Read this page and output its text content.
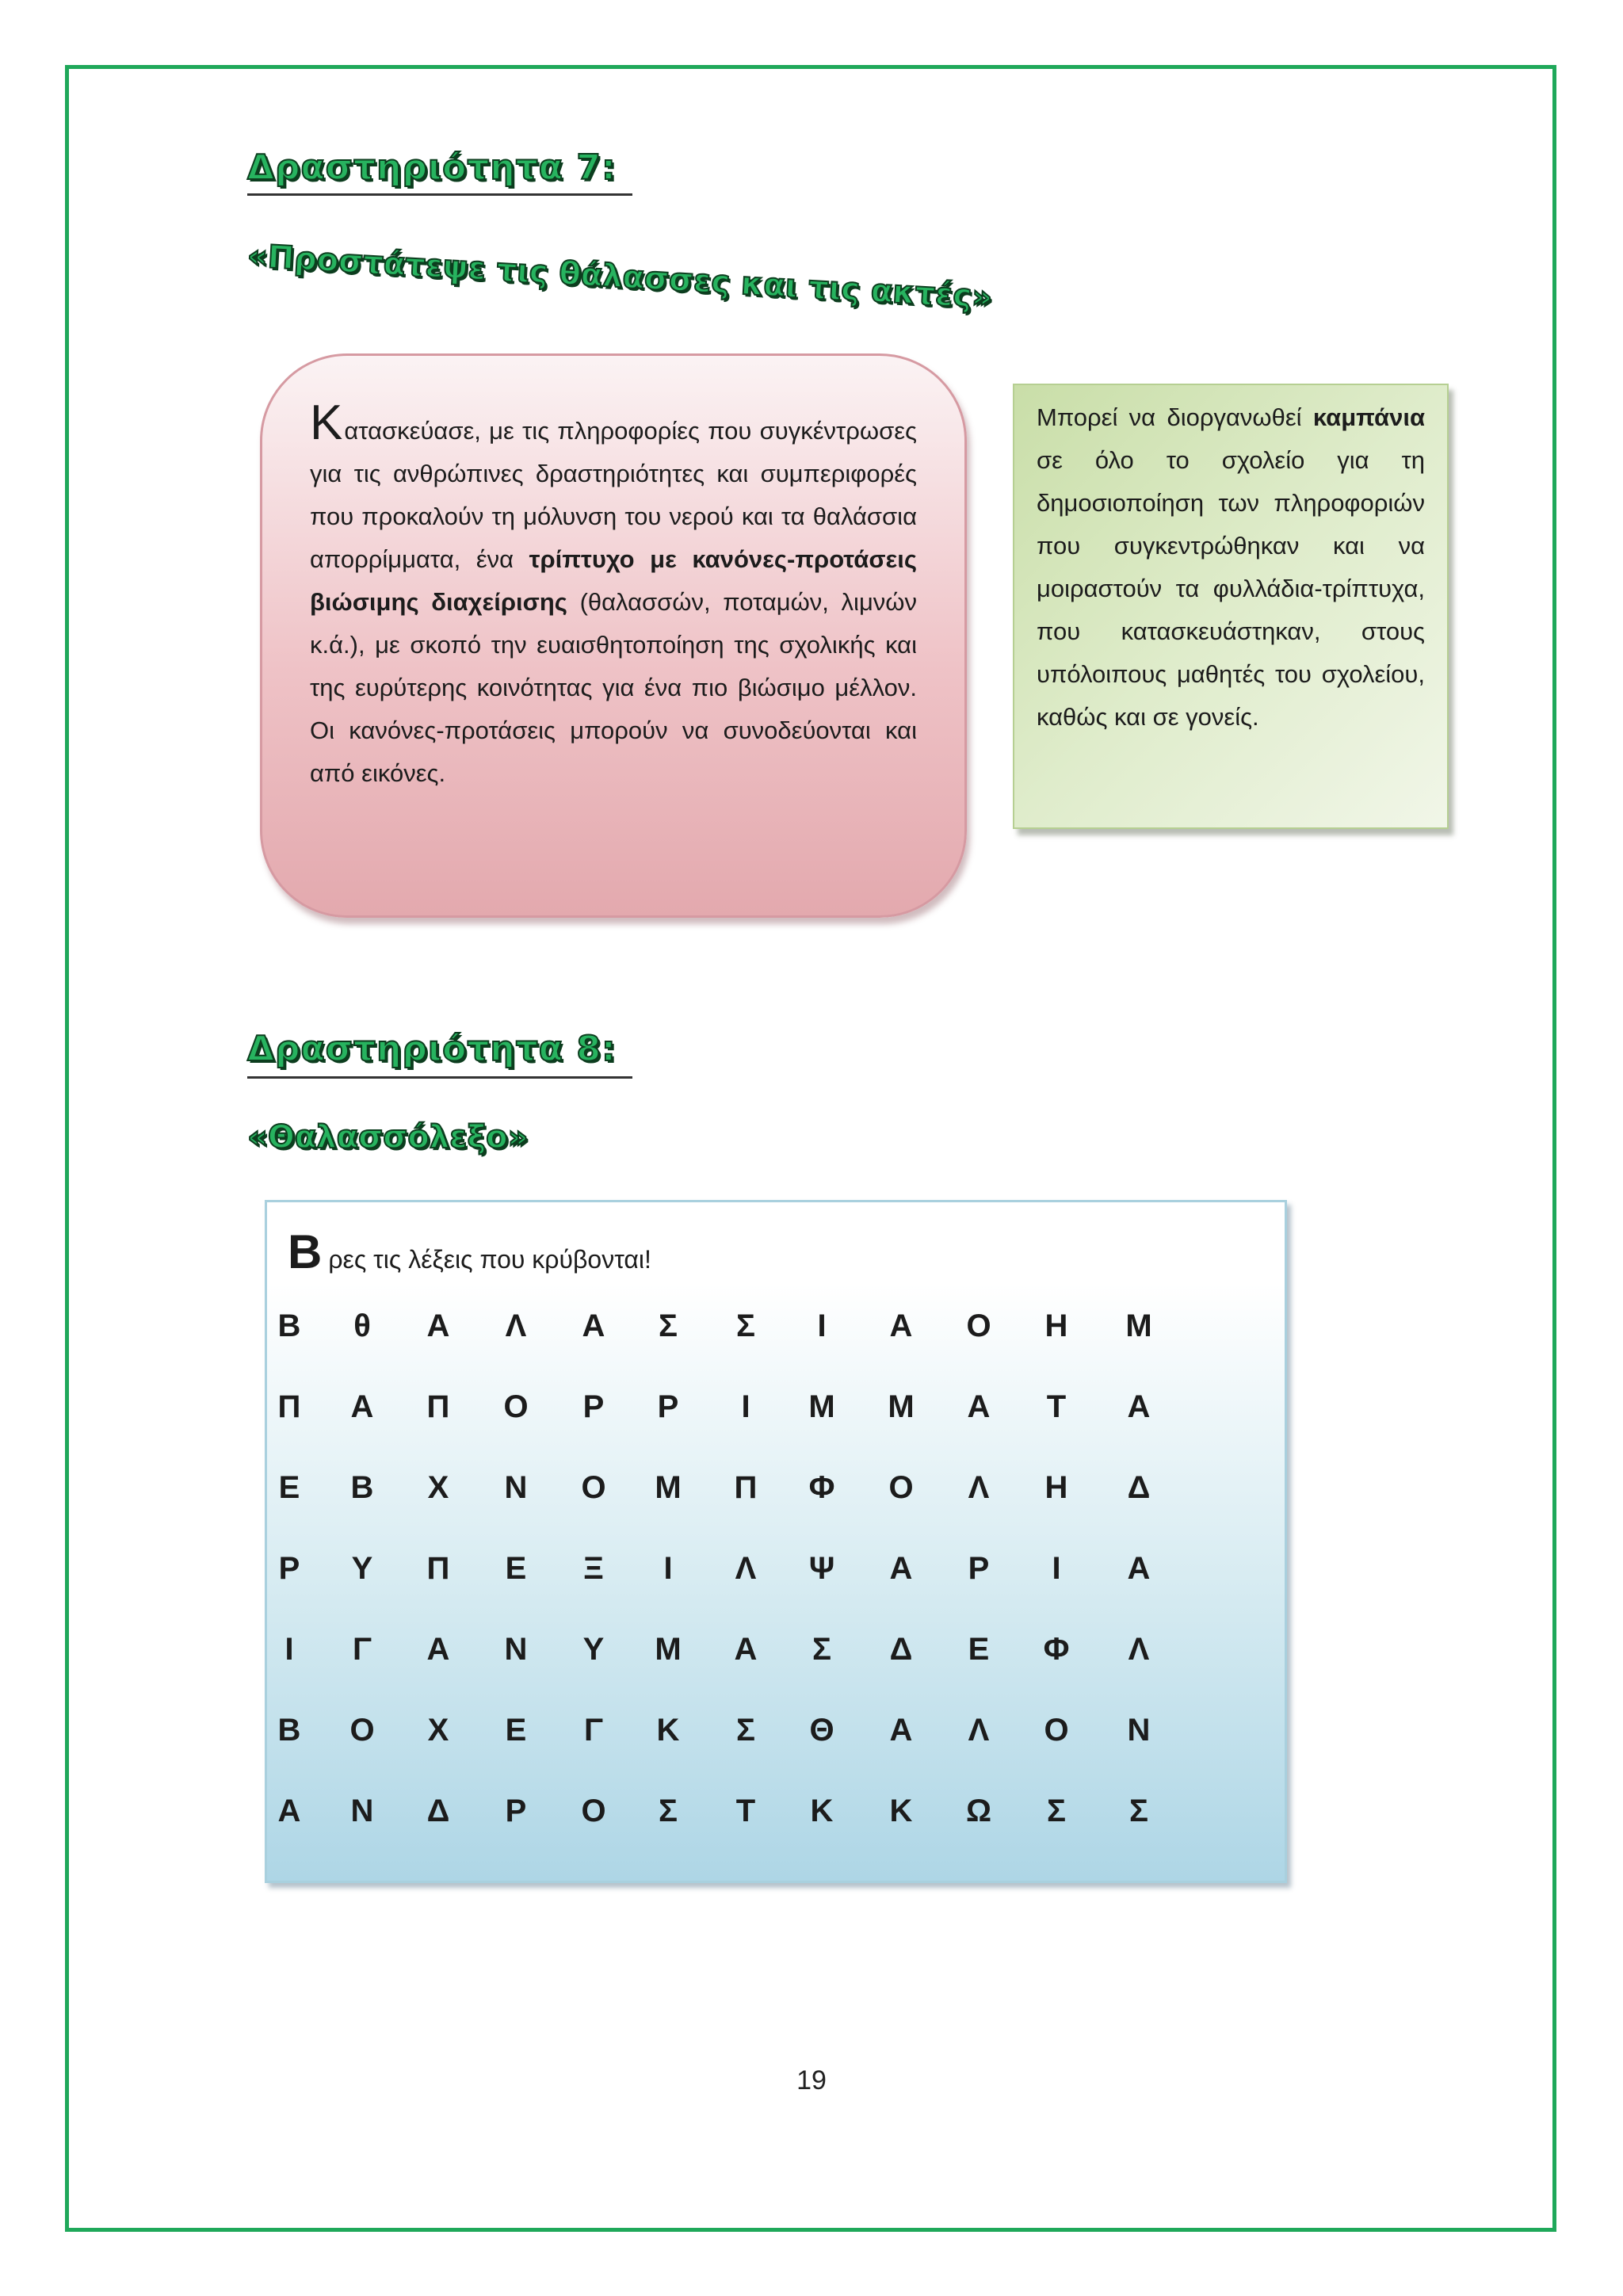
Δραστηριότητα 7:
«Προστάτεψε τις θάλασσες και τις ακτές»
Κατασκεύασε, με τις πληροφορίες που συγκέντρωσες για τις ανθρώπινες δραστηριότητες και συμπεριφορές που προκαλούν τη μόλυνση του νερού και τα θαλάσσια απορρίμματα, ένα τρίπτυχο με κανόνες-προτάσεις βιώσιμης διαχείρισης (θαλασσών, ποταμών, λιμνών κ.ά.), με σκοπό την ευαισθητοποίηση της σχολικής και της ευρύτερης κοινότητας για ένα πιο βιώσιμο μέλλον. Οι κανόνες-προτάσεις μπορούν να συνοδεύονται και από εικόνες.
Μπορεί να διοργανωθεί καμπάνια σε όλο το σχολείο για τη δημοσιοποίηση των πληροφοριών που συγκεντρώθηκαν και να μοιραστούν τα φυλλάδια-τρίπτυχα, που κατασκευάστηκαν, στους υπόλοιπους μαθητές του σχολείου, καθώς και σε γονείς.
Δραστηριότητα 8:
«Θαλασσόλεξο»
Βρες τις λέξεις που κρύβονται!
Β θ Α Λ Α Σ Σ	Ι	Α Ο Η Μ
Π Α Π Ο Ρ Ρ	Ι	Μ Μ Α Τ Α
Ε Β Χ Ν Ο Μ Π Φ Ο Λ Η Δ
Ρ Υ Π Ε Ξ	Ι	Λ Ψ Α Ρ	Ι	Α
Ι	Γ Α Ν Υ Μ Α Σ Δ Ε Φ Λ
Β Ο Χ Ε Γ Κ Σ Θ Α Λ Ο Ν
Α Ν Δ Ρ Ο Σ Τ Κ Κ Ω Σ Σ
19
